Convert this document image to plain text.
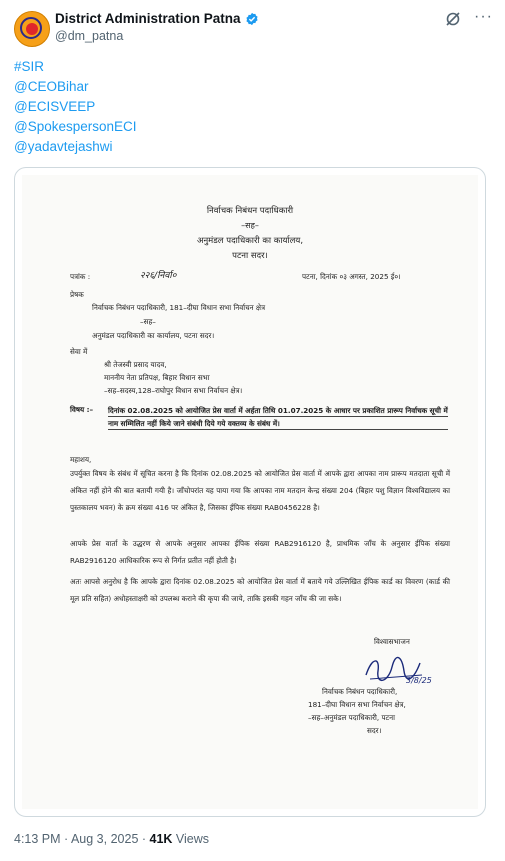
District Administration Patna
@dm_patna
···
#SIR
@CEOBihar
@ECISVEEP
@SpokespersonECI
@yadavtejashwi
निर्वाचक निबंधन पदाधिकारी
–सह–
अनुमंडल पदाधिकारी का कार्यालय,
पटना सदर।
पत्रांक :	२२६/निर्वा०	पटना, दिनांक ०३ अगस्त, 2025 ई०।
प्रेषक
निर्वाचक निबंधन पदाधिकारी, 181–दीघा विधान सभा निर्वाचन क्षेत्र
–सह–
अनुमंडल पदाधिकारी का कार्यालय, पटना सदर।
सेवा में
श्री तेजस्वी प्रसाद यादव,
माननीय नेता प्रतिपक्ष, बिहार विधान सभा
–सह–सदस्य,128–राघोपुर विधान सभा निर्वाचन क्षेत्र।
विषय :– दिनांक 02.08.2025 को आयोजित प्रेस वार्ता में अर्हता तिथि 01.07.2025 के आधार पर प्रकाशित प्रारूप निर्वाचक सूची में नाम सम्मिलित नहीं किये जाने संबंधी दिये गये वक्तव्य के संबंध में।
महाशय,
उपर्युक्त विषय के संबंध में सूचित करना है कि दिनांक 02.08.2025 को आयोजित प्रेस वार्ता में आपके द्वारा आपका नाम प्रारूप मतदाता सूची में अंकित नहीं होने की बात बतायी गयी है। जाँचोपरांत यह पाया गया कि आपका नाम मतदान केन्द्र संख्या 204 (बिहार पशु विज्ञान विश्वविद्यालय का पुस्तकालय भवन) के क्रम संख्या 416 पर अंकित है, जिसका ईपिक संख्या RAB0456228 है।
आपके प्रेस वार्ता के उद्धरण से आपके अनुसार आपका ईपिक संख्या RAB2916120 है, प्राथमिक जाँच के अनुसार ईपिक संख्या RAB2916120 आधिकारिक रूप से निर्गत प्रतीत नहीं होती है।
अतः आपसे अनुरोध है कि आपके द्वारा दिनांक 02.08.2025 को आयोजित प्रेस वार्ता में बताये गये उल्लिखित ईपिक कार्ड का विवरण (कार्ड की मूल प्रति सहित) अधोहस्ताक्षरी को उपलब्ध कराने की कृपा की जाये, ताकि इसकी गहन जाँच की जा सके।
विश्वासभाजन
3/8/25
निर्वाचक निबंधन पदाधिकारी,
181–दीघा विधान सभा निर्वाचन क्षेत्र,
–सह–अनुमंडल पदाधिकारी, पटना
सदर।
4:13 PM · Aug 3, 2025 · 41K Views
